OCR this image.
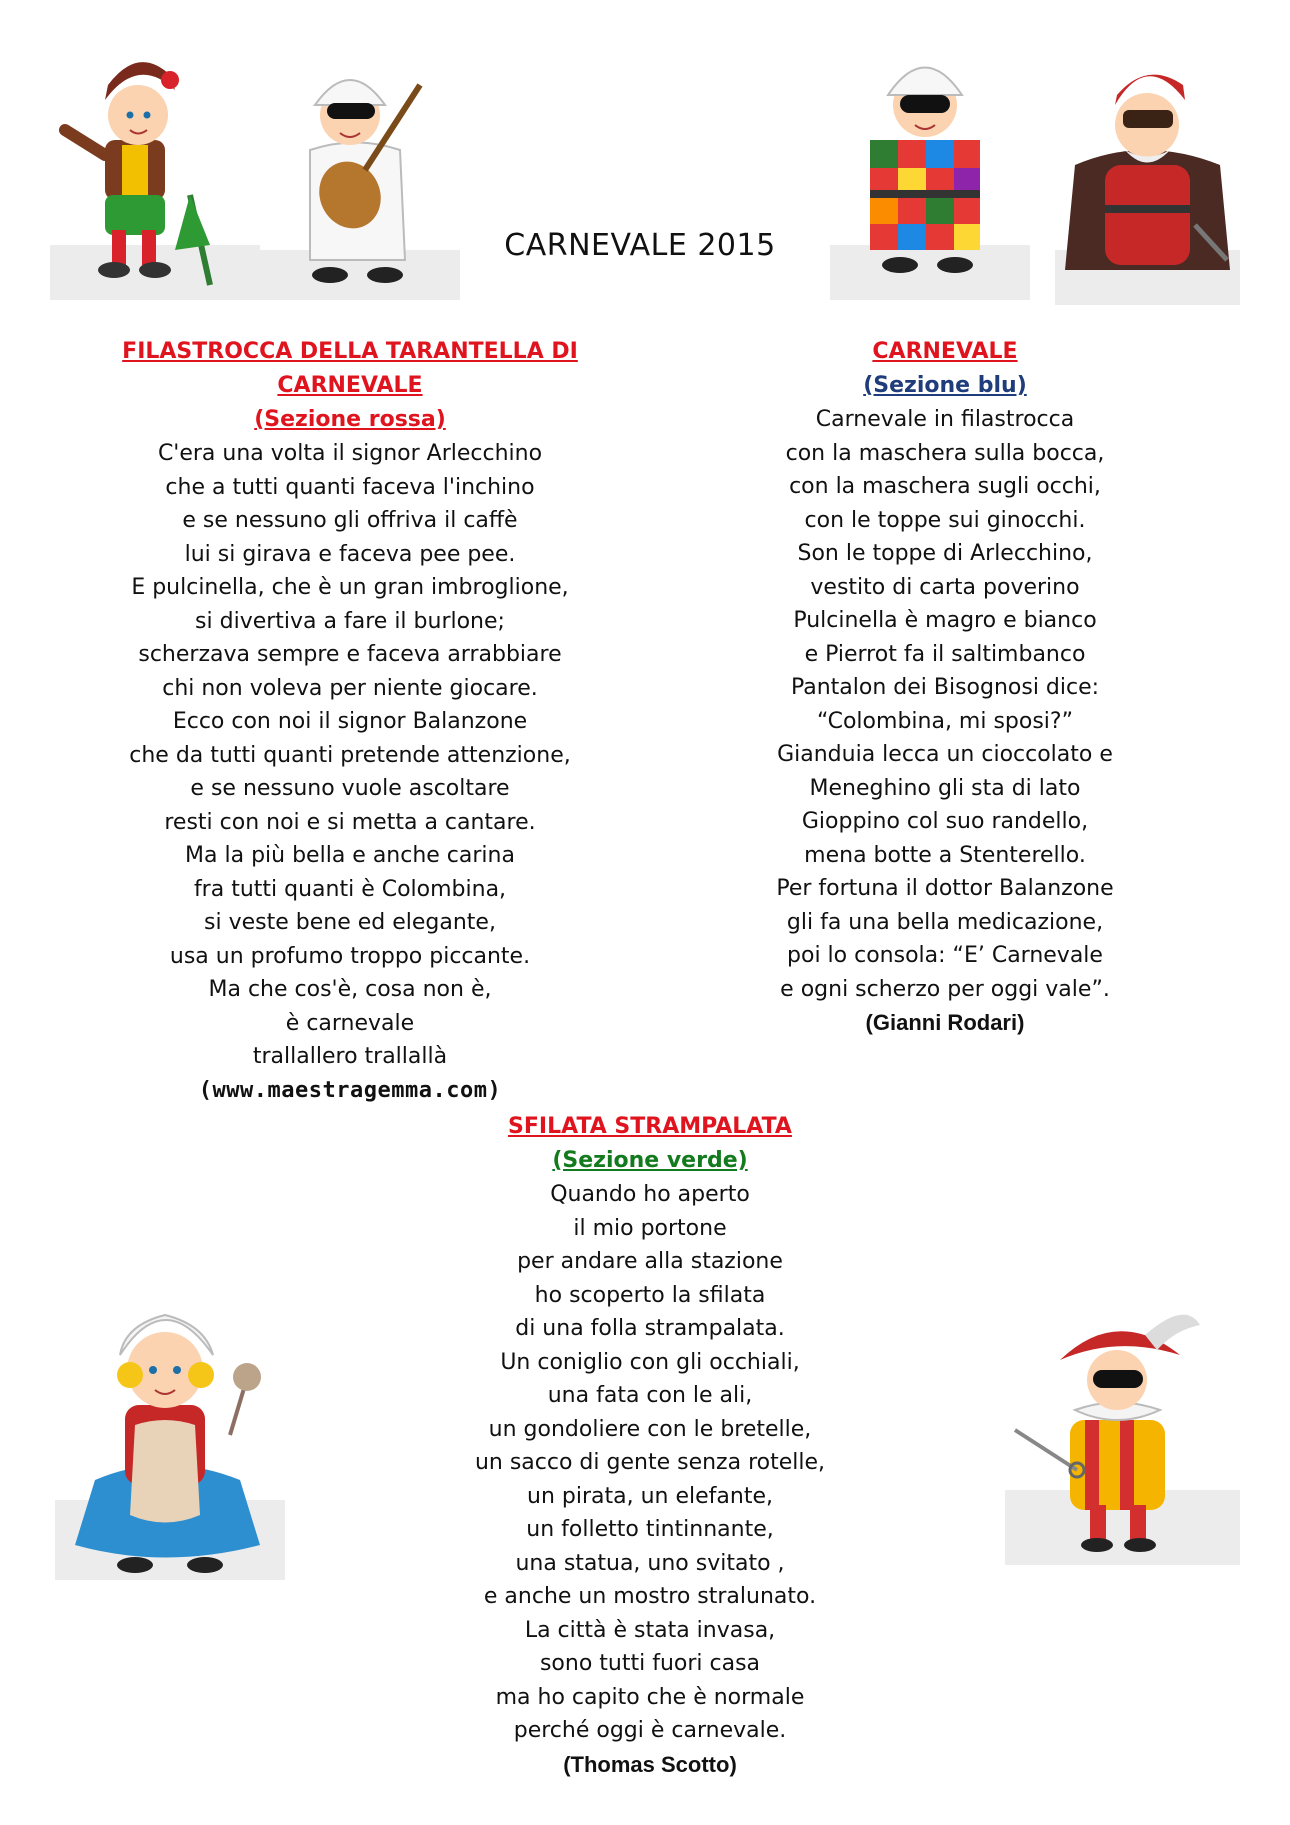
CARNEVALE 2015

FILASTROCCA DELLA TARANTELLA DI

CARNEVALE

(Sezione rossa)

C'era una volta il signor Arlecchino

che a tutti quanti faceva l'inchino

e se nessuno gli offriva il caffè

lui si girava e faceva pee pee.

E pulcinella, che è un gran imbroglione,

si divertiva a fare il burlone;

scherzava sempre e faceva arrabbiare

chi non voleva per niente giocare.

Ecco con noi il signor Balanzone

che da tutti quanti pretende attenzione,

e se nessuno vuole ascoltare

resti con noi e si metta a cantare.

Ma la più bella e anche carina

fra tutti quanti è Colombina,

si veste bene ed elegante,

usa un profumo troppo piccante.

Ma che cos'è, cosa non è,

è carnevale

trallallero trallallà

(www.maestragemma.com)

CARNEVALE

(Sezione blu)

Carnevale in filastrocca

con la maschera sulla bocca,

con la maschera sugli occhi,

con le toppe sui ginocchi.

Son le toppe di Arlecchino,

vestito di carta poverino

Pulcinella è magro e bianco

e Pierrot fa il saltimbanco

Pantalon dei Bisognosi dice:

“Colombina, mi sposi?”

Gianduia lecca un cioccolato e

Meneghino gli sta di lato

Gioppino col suo randello,

mena botte a Stenterello.

Per fortuna il dottor Balanzone

gli fa una bella medicazione,

poi lo consola: “E’ Carnevale

e ogni scherzo per oggi vale”.

(Gianni Rodari)

SFILATA STRAMPALATA

(Sezione verde)

Quando ho aperto

il mio portone

per andare alla stazione

ho scoperto la sfilata

di una folla strampalata.

Un coniglio con gli occhiali,

una fata con le ali,

un gondoliere con le bretelle,

un sacco di gente senza rotelle,

un pirata, un elefante,

un folletto tintinnante,

una statua, uno svitato ,

e anche un mostro stralunato.

La città è stata invasa,

sono tutti fuori casa

ma ho capito che è normale

perché oggi è carnevale.

(Thomas Scotto)
